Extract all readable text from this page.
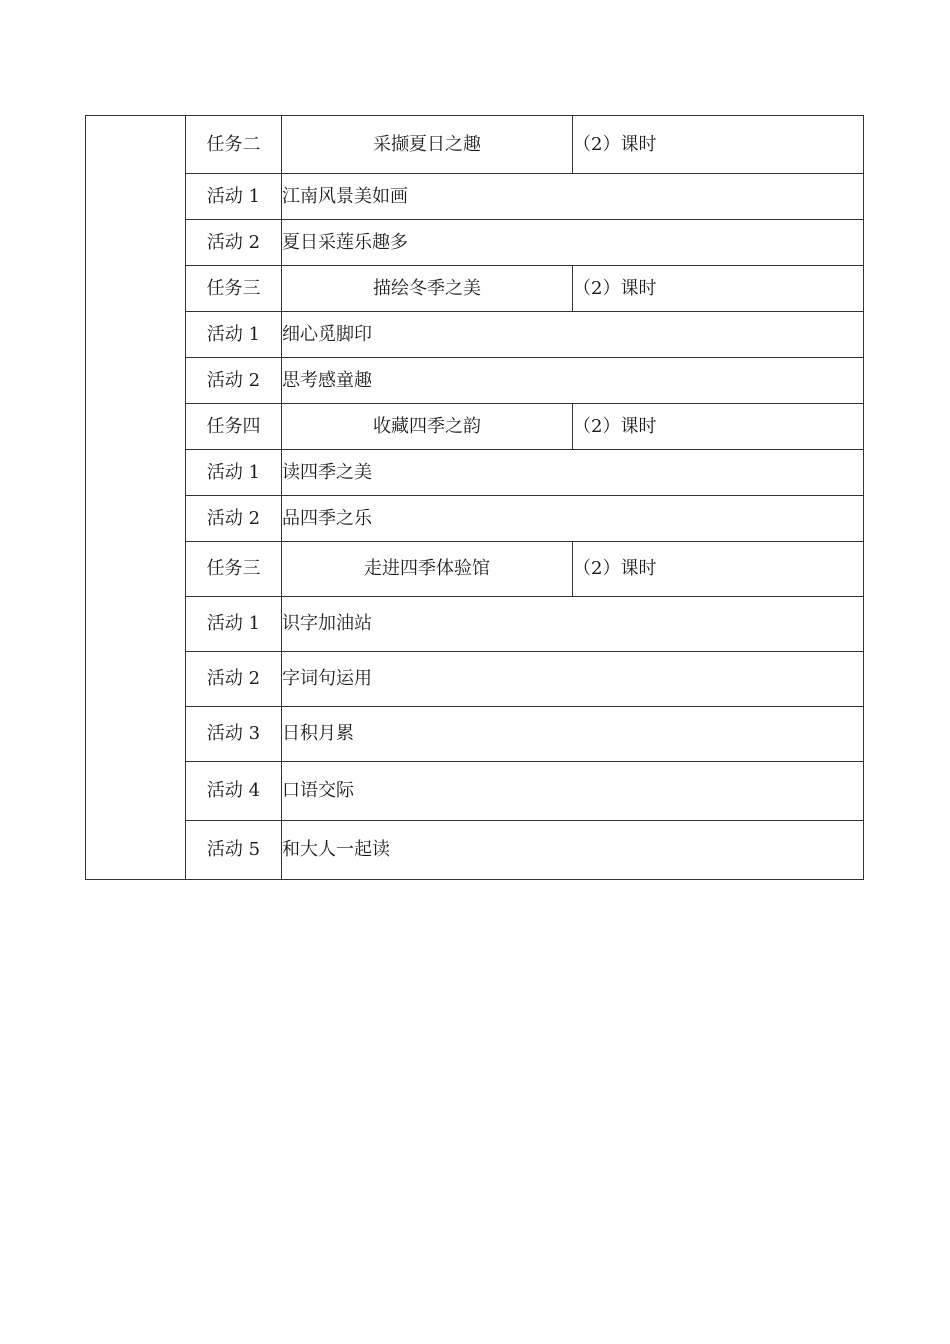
	任务二	采撷夏日之趣	（2）课时
	活动 1	江南风景美如画	
	活动 2	夏日采莲乐趣多	
	任务三	描绘冬季之美	（2）课时
	活动 1	细心觅脚印	
	活动 2	思考感童趣	
	任务四	收藏四季之韵	（2）课时
	活动 1	读四季之美	
	活动 2	品四季之乐	
	任务三	走进四季体验馆	（2）课时
	活动 1	识字加油站	
	活动 2	字词句运用	
	活动 3	日积月累	
	活动 4	口语交际	
	活动 5	和大人一起读	
